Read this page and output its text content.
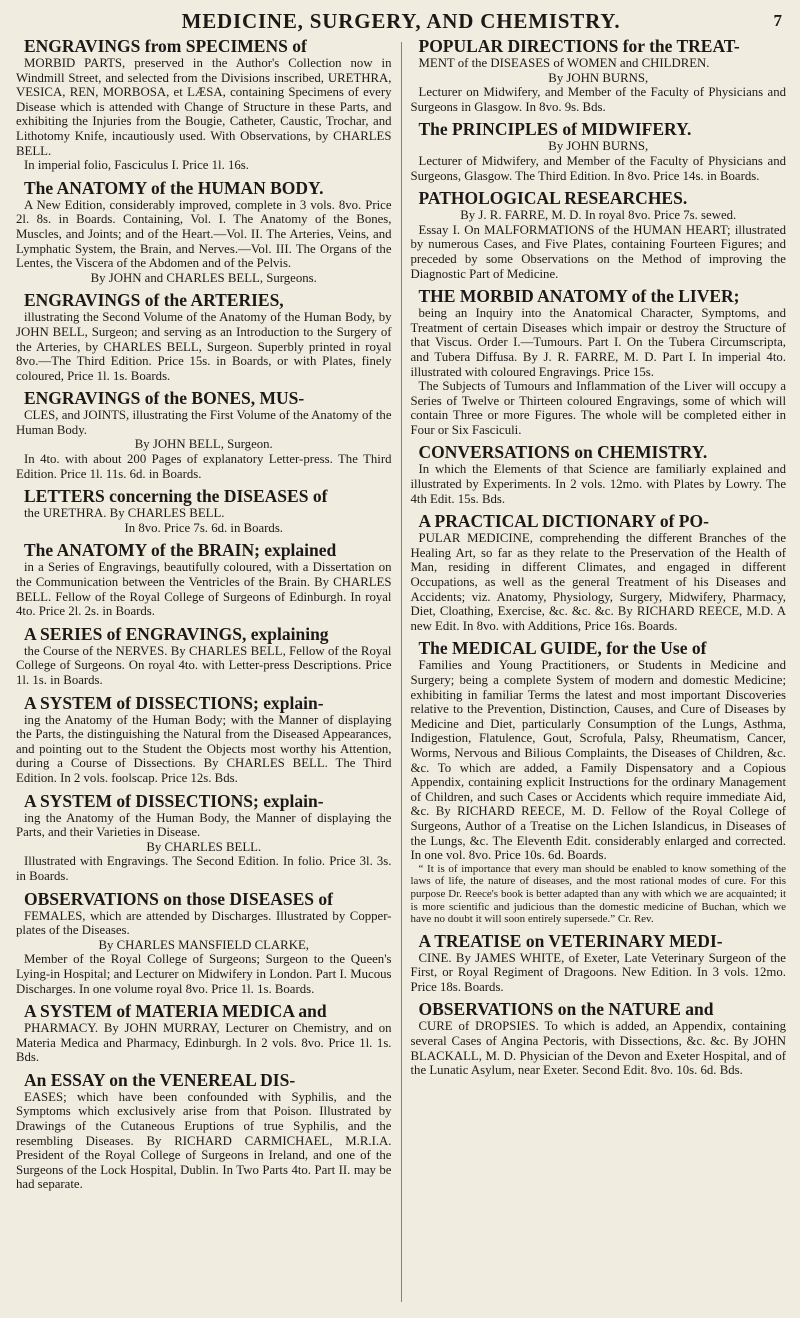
MEDICINE, SURGERY, AND CHEMISTRY.	7

ENGRAVINGS from SPECIMENS of

MORBID PARTS, preserved in the Author's Collection now in Windmill Street, and selected from the Divisions inscribed, URETHRA, VESICA, REN, MORBOSA, et LÆSA, containing Specimens of every Disease which is attended with Change of Structure in these Parts, and exhibiting the Injuries from the Bougie, Catheter, Caustic, Trochar, and Lithotomy Knife, incautiously used. With Observations, by CHARLES BELL.

In imperial folio, Fasciculus I. Price 1l. 16s.

The ANATOMY of the HUMAN BODY.

A New Edition, considerably improved, complete in 3 vols. 8vo. Price 2l. 8s. in Boards. Containing, Vol. I. The Anatomy of the Bones, Muscles, and Joints; and of the Heart.—Vol. II. The Arteries, Veins, and Lymphatic System, the Brain, and Nerves.—Vol. III. The Organs of the Lentes, the Viscera of the Abdomen and of the Pelvis.

By JOHN and CHARLES BELL, Surgeons.

ENGRAVINGS of the ARTERIES,

illustrating the Second Volume of the Anatomy of the Human Body, by JOHN BELL, Surgeon; and serving as an Introduction to the Surgery of the Arteries, by CHARLES BELL, Surgeon. Superbly printed in royal 8vo.—The Third Edition. Price 15s. in Boards, or with Plates, finely coloured, Price 1l. 1s. Boards.

ENGRAVINGS of the BONES, MUS-

CLES, and JOINTS, illustrating the First Volume of the Anatomy of the Human Body.

By JOHN BELL, Surgeon.

In 4to. with about 200 Pages of explanatory Letter-press. The Third Edition. Price 1l. 11s. 6d. in Boards.

LETTERS concerning the DISEASES of

the URETHRA. By CHARLES BELL.

In 8vo. Price 7s. 6d. in Boards.

The ANATOMY of the BRAIN; explained

in a Series of Engravings, beautifully coloured, with a Dissertation on the Communication between the Ventricles of the Brain. By CHARLES BELL. Fellow of the Royal College of Surgeons of Edinburgh. In royal 4to. Price 2l. 2s. in Boards.

A SERIES of ENGRAVINGS, explaining

the Course of the NERVES. By CHARLES BELL, Fellow of the Royal College of Surgeons. On royal 4to. with Letter-press Descriptions. Price 1l. 1s. in Boards.

A SYSTEM of DISSECTIONS; explain-

ing the Anatomy of the Human Body; with the Manner of displaying the Parts, the distinguishing the Natural from the Diseased Appearances, and pointing out to the Student the Objects most worthy his Attention, during a Course of Dissections. By CHARLES BELL. The Third Edition. In 2 vols. foolscap. Price 12s. Bds.

A SYSTEM of DISSECTIONS; explain-

ing the Anatomy of the Human Body, the Manner of displaying the Parts, and their Varieties in Disease.

By CHARLES BELL.

Illustrated with Engravings. The Second Edition. In folio. Price 3l. 3s. in Boards.

OBSERVATIONS on those DISEASES of

FEMALES, which are attended by Discharges. Illustrated by Copper-plates of the Diseases.

By CHARLES MANSFIELD CLARKE,

Member of the Royal College of Surgeons; Surgeon to the Queen's Lying-in Hospital; and Lecturer on Midwifery in London. Part I. Mucous Discharges. In one volume royal 8vo. Price 1l. 1s. Boards.

A SYSTEM of MATERIA MEDICA and

PHARMACY. By JOHN MURRAY, Lecturer on Chemistry, and on Materia Medica and Pharmacy, Edinburgh. In 2 vols. 8vo. Price 1l. 1s. Bds.

An ESSAY on the VENEREAL DIS-

EASES; which have been confounded with Syphilis, and the Symptoms which exclusively arise from that Poison. Illustrated by Drawings of the Cutaneous Eruptions of true Syphilis, and the resembling Diseases. By RICHARD CARMICHAEL, M.R.I.A. President of the Royal College of Surgeons in Ireland, and one of the Surgeons of the Lock Hospital, Dublin. In Two Parts 4to. Part II. may be had separate.

POPULAR DIRECTIONS for the TREAT-

MENT of the DISEASES of WOMEN and CHILDREN.

By JOHN BURNS,

Lecturer on Midwifery, and Member of the Faculty of Physicians and Surgeons in Glasgow. In 8vo. 9s. Bds.

The PRINCIPLES of MIDWIFERY.

By JOHN BURNS,

Lecturer of Midwifery, and Member of the Faculty of Physicians and Surgeons, Glasgow. The Third Edition. In 8vo. Price 14s. in Boards.

PATHOLOGICAL RESEARCHES.

By J. R. FARRE, M. D. In royal 8vo. Price 7s. sewed.

Essay I. On MALFORMATIONS of the HUMAN HEART; illustrated by numerous Cases, and Five Plates, containing Fourteen Figures; and preceded by some Observations on the Method of improving the Diagnostic Part of Medicine.

THE MORBID ANATOMY of the LIVER;

being an Inquiry into the Anatomical Character, Symptoms, and Treatment of certain Diseases which impair or destroy the Structure of that Viscus. Order I.—Tumours. Part I. On the Tubera Circumscripta, and Tubera Diffusa. By J. R. FARRE, M. D. Part I. In imperial 4to. illustrated with coloured Engravings. Price 15s.

The Subjects of Tumours and Inflammation of the Liver will occupy a Series of Twelve or Thirteen coloured Engravings, some of which will contain Three or more Figures. The whole will be completed either in Four or Six Fasciculi.

CONVERSATIONS on CHEMISTRY.

In which the Elements of that Science are familiarly explained and illustrated by Experiments. In 2 vols. 12mo. with Plates by Lowry. The 4th Edit. 15s. Bds.

A PRACTICAL DICTIONARY of PO-

PULAR MEDICINE, comprehending the different Branches of the Healing Art, so far as they relate to the Preservation of the Health of Man, residing in different Climates, and engaged in different Occupations, as well as the general Treatment of his Diseases and Accidents; viz. Anatomy, Physiology, Surgery, Midwifery, Pharmacy, Diet, Cloathing, Exercise, &c. &c. &c. By RICHARD REECE, M.D. A new Edit. In 8vo. with Additions, Price 16s. Boards.

The MEDICAL GUIDE, for the Use of

Families and Young Practitioners, or Students in Medicine and Surgery; being a complete System of modern and domestic Medicine; exhibiting in familiar Terms the latest and most important Discoveries relative to the Prevention, Distinction, Causes, and Cure of Diseases by Medicine and Diet, particularly Consumption of the Lungs, Asthma, Indigestion, Flatulence, Gout, Scrofula, Palsy, Rheumatism, Cancer, Worms, Nervous and Bilious Complaints, the Diseases of Children, &c. &c. To which are added, a Family Dispensatory and a Copious Appendix, containing explicit Instructions for the ordinary Management of Children, and such Cases or Accidents which require immediate Aid, &c. By RICHARD REECE, M. D. Fellow of the Royal College of Surgeons, Author of a Treatise on the Lichen Islandicus, in Diseases of the Lungs, &c. The Eleventh Edit. considerably enlarged and corrected. In one vol. 8vo. Price 10s. 6d. Boards.

“ It is of importance that every man should be enabled to know something of the laws of life, the nature of diseases, and the most rational modes of cure. For this purpose Dr. Reece's book is better adapted than any with which we are acquainted; it is more scientific and judicious than the domestic medicine of Buchan, which we have no doubt it will soon entirely supersede.” Cr. Rev.

A TREATISE on VETERINARY MEDI-

CINE. By JAMES WHITE, of Exeter, Late Veterinary Surgeon of the First, or Royal Regiment of Dragoons. New Edition. In 3 vols. 12mo. Price 18s. Boards.

OBSERVATIONS on the NATURE and

CURE of DROPSIES. To which is added, an Appendix, containing several Cases of Angina Pectoris, with Dissections, &c. &c. By JOHN BLACKALL, M. D. Physician of the Devon and Exeter Hospital, and of the Lunatic Asylum, near Exeter. Second Edit. 8vo. 10s. 6d. Bds.
